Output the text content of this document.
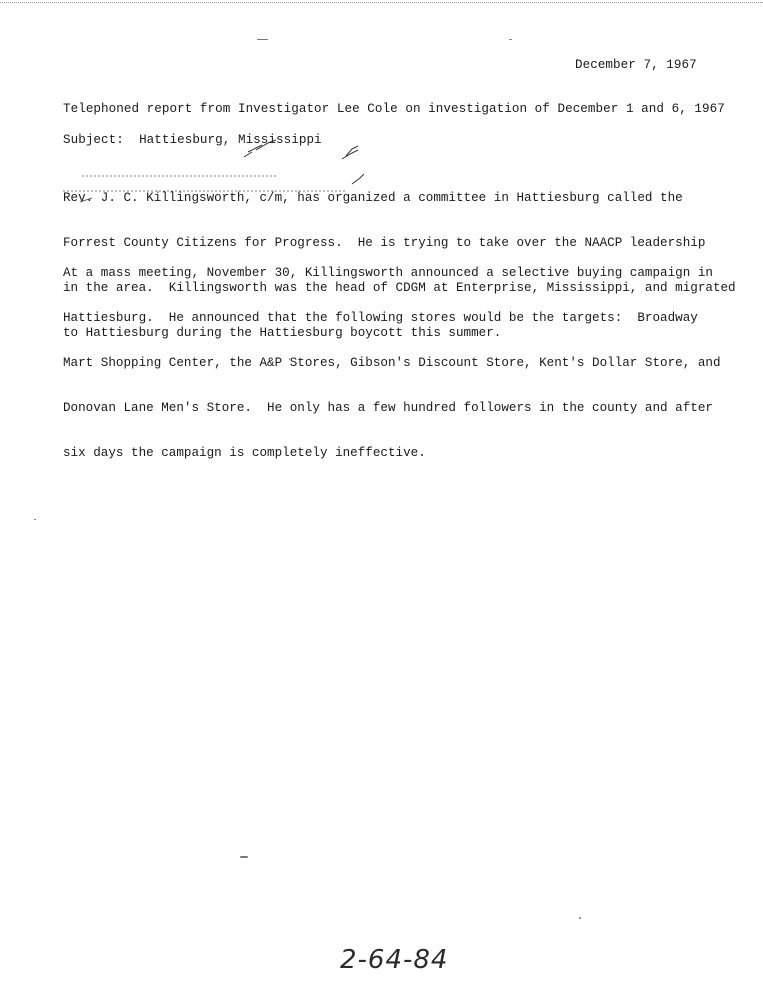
December 7, 1967
Telephoned report from Investigator Lee Cole on investigation of December 1 and 6, 1967
Subject:  Hattiesburg, Mississippi

Rev. J. C. Killingsworth, c/m, has organized a committee in Hattiesburg called the

Forrest County Citizens for Progress.  He is trying to take over the NAACP leadership

in the area.  Killingsworth was the head of CDGM at Enterprise, Mississippi, and migrated

to Hattiesburg during the Hattiesburg boycott this summer.

At a mass meeting, November 30, Killingsworth announced a selective buying campaign in

Hattiesburg.  He announced that the following stores would be the targets:  Broadway

Mart Shopping Center, the A&P Stores, Gibson's Discount Store, Kent's Dollar Store, and

Donovan Lane Men's Store.  He only has a few hundred followers in the county and after

six days the campaign is completely ineffective.

2-64-84
